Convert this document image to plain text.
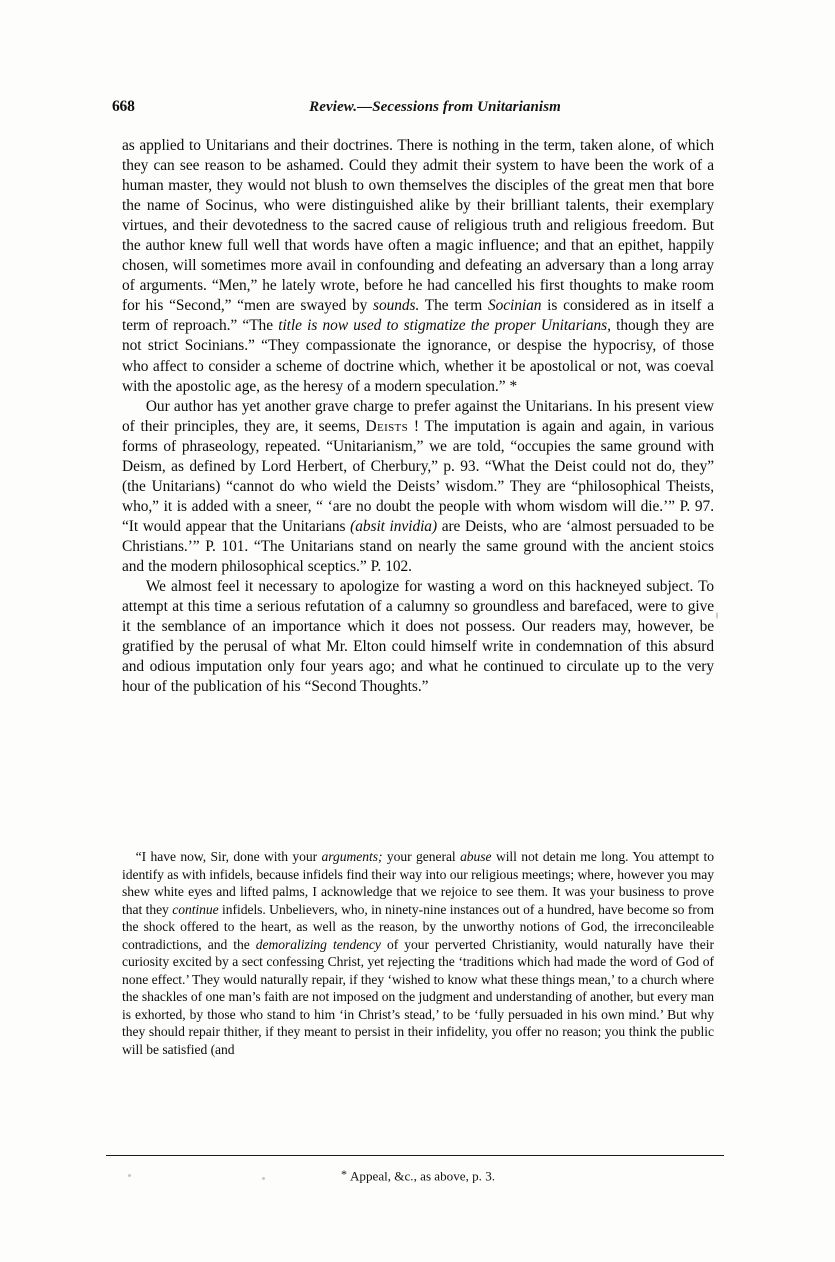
668	Review.—Secessions from Unitarianism

as applied to Unitarians and their doctrines. There is nothing in the term, taken alone, of which they can see reason to be ashamed. Could they admit their system to have been the work of a human master, they would not blush to own themselves the disciples of the great men that bore the name of Socinus, who were distinguished alike by their brilliant talents, their exemplary virtues, and their devotedness to the sacred cause of religious truth and religious freedom. But the author knew full well that words have often a magic influence; and that an epithet, happily chosen, will sometimes more avail in confounding and defeating an adversary than a long array of arguments. “Men,” he lately wrote, before he had cancelled his first thoughts to make room for his “Second,” “men are swayed by sounds. The term Socinian is considered as in itself a term of reproach.” “The title is now used to stigmatize the proper Unitarians, though they are not strict Socinians.” “They compassionate the ignorance, or despise the hypocrisy, of those who affect to consider a scheme of doctrine which, whether it be apostolical or not, was coeval with the apostolic age, as the heresy of a modern speculation.” *

Our author has yet another grave charge to prefer against the Unitarians. In his present view of their principles, they are, it seems, Deists ! The imputation is again and again, in various forms of phraseology, repeated. “Unitarianism,” we are told, “occupies the same ground with Deism, as defined by Lord Herbert, of Cherbury,” p. 93. “What the Deist could not do, they” (the Unitarians) “cannot do who wield the Deists’ wisdom.” They are “philosophical Theists, who,” it is added with a sneer, “ ‘are no doubt the people with whom wisdom will die.’” P. 97. “It would appear that the Unitarians (absit invidia) are Deists, who are ‘almost persuaded to be Christians.’” P. 101. “The Unitarians stand on nearly the same ground with the ancient stoics and the modern philosophical sceptics.” P. 102.

We almost feel it necessary to apologize for wasting a word on this hackneyed subject. To attempt at this time a serious refutation of a calumny so groundless and barefaced, were to give it the semblance of an importance which it does not possess. Our readers may, however, be gratified by the perusal of what Mr. Elton could himself write in condemnation of this absurd and odious imputation only four years ago; and what he continued to circulate up to the very hour of the publication of his “Second Thoughts.”

“I have now, Sir, done with your arguments; your general abuse will not detain me long. You attempt to identify as with infidels, because infidels find their way into our religious meetings; where, however you may shew white eyes and lifted palms, I acknowledge that we rejoice to see them. It was your business to prove that they continue infidels. Unbelievers, who, in ninety-nine instances out of a hundred, have become so from the shock offered to the heart, as well as the reason, by the unworthy notions of God, the irreconcileable contradictions, and the demoralizing tendency of your perverted Christianity, would naturally have their curiosity excited by a sect confessing Christ, yet rejecting the ‘traditions which had made the word of God of none effect.’ They would naturally repair, if they ‘wished to know what these things mean,’ to a church where the shackles of one man’s faith are not imposed on the judgment and understanding of another, but every man is exhorted, by those who stand to him ‘in Christ’s stead,’ to be ‘fully persuaded in his own mind.’ But why they should repair thither, if they meant to persist in their infidelity, you offer no reason; you think the public will be satisfied (and

* Appeal, &c., as above, p. 3.
